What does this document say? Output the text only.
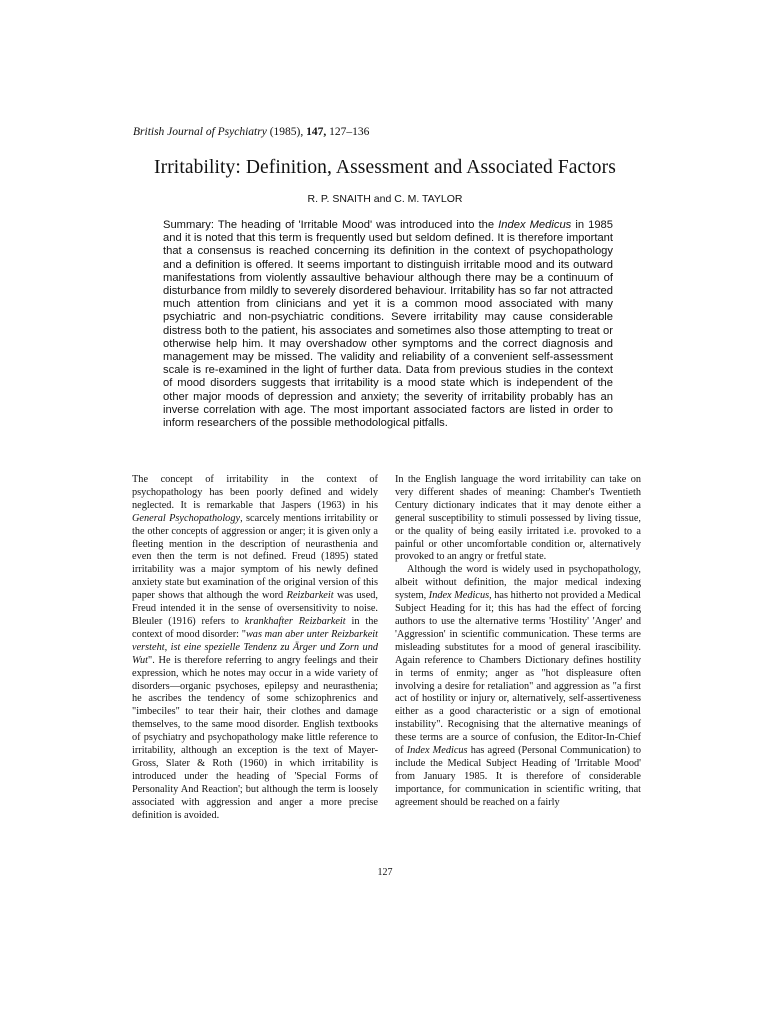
British Journal of Psychiatry (1985), 147, 127–136
Irritability: Definition, Assessment and Associated Factors
R. P. SNAITH and C. M. TAYLOR
Summary: The heading of 'Irritable Mood' was introduced into the Index Medicus in 1985 and it is noted that this term is frequently used but seldom defined. It is therefore important that a consensus is reached concerning its definition in the context of psychopathology and a definition is offered. It seems important to distinguish irritable mood and its outward manifestations from violently assaultive behaviour although there may be a continuum of disturbance from mildly to severely disordered behaviour. Irritability has so far not attracted much attention from clinicians and yet it is a common mood associated with many psychiatric and non-psychiatric conditions. Severe irritability may cause considerable distress both to the patient, his associates and sometimes also those attempting to treat or otherwise help him. It may overshadow other symptoms and the correct diagnosis and management may be missed. The validity and reliability of a convenient self-assessment scale is re-examined in the light of further data. Data from previous studies in the context of mood disorders suggests that irritability is a mood state which is independent of the other major moods of depression and anxiety; the severity of irritability probably has an inverse correlation with age. The most important associated factors are listed in order to inform researchers of the possible methodological pitfalls.

The concept of irritability in the context of psychopathology has been poorly defined and widely neglected. It is remarkable that Jaspers (1963) in his General Psychopathology, scarcely mentions irritability or the other concepts of aggression or anger; it is given only a fleeting mention in the description of neurasthenia and even then the term is not defined. Freud (1895) stated irritability was a major symptom of his newly defined anxiety state but examination of the original version of this paper shows that although the word Reizbarkeit was used, Freud intended it in the sense of oversensitivity to noise. Bleuler (1916) refers to krankhafter Reizbarkeit in the context of mood disorder: "was man aber unter Reizbarkeit versteht, ist eine spezielle Tendenz zu Ärger und Zorn und Wut". He is therefore referring to angry feelings and their expression, which he notes may occur in a wide variety of disorders—organic psychoses, epilepsy and neurasthenia; he ascribes the tendency of some schizophrenics and "imbeciles" to tear their hair, their clothes and damage themselves, to the same mood disorder. English textbooks of psychiatry and psychopathology make little reference to irritability, although an exception is the text of Mayer-Gross, Slater & Roth (1960) in which irritability is introduced under the heading of 'Special Forms of Personality And Reaction'; but although the term is loosely associated with aggression and anger a more precise definition is avoided.

In the English language the word irritability can take on very different shades of meaning: Chamber's Twentieth Century dictionary indicates that it may denote either a general susceptibility to stimuli possessed by living tissue, or the quality of being easily irritated i.e. provoked to a painful or other uncomfortable condition or, alternatively provoked to an angry or fretful state.

Although the word is widely used in psychopathology, albeit without definition, the major medical indexing system, Index Medicus, has hitherto not provided a Medical Subject Heading for it; this has had the effect of forcing authors to use the alternative terms 'Hostility' 'Anger' and 'Aggression' in scientific communication. These terms are misleading substitutes for a mood of general irascibility. Again reference to Chambers Dictionary defines hostility in terms of enmity; anger as "hot displeasure often involving a desire for retaliation" and aggression as "a first act of hostility or injury or, alternatively, self-assertiveness either as a good characteristic or a sign of emotional instability". Recognising that the alternative meanings of these terms are a source of confusion, the Editor-In-Chief of Index Medicus has agreed (Personal Communication) to include the Medical Subject Heading of 'Irritable Mood' from January 1985. It is therefore of considerable importance, for communication in scientific writing, that agreement should be reached on a fairly

127
